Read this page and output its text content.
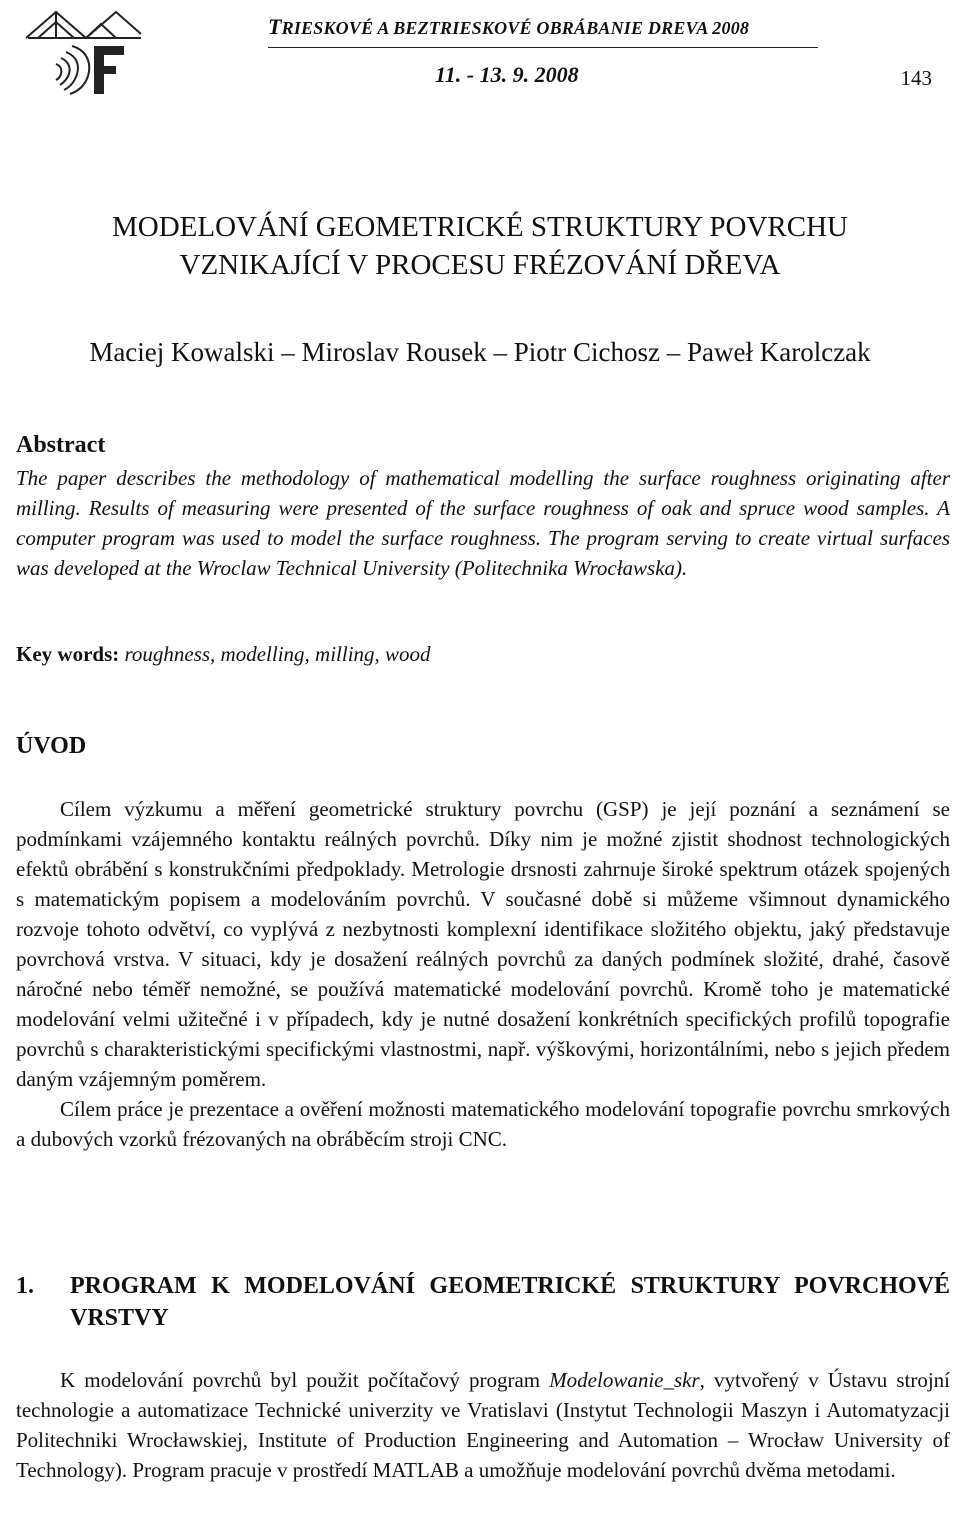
TRIESKOVÉ A BEZTRIESKOVÉ OBRÁBANIE DREVA 2008
11. - 13. 9. 2008	143
MODELOVÁNÍ GEOMETRICKÉ STRUKTURY POVRCHU
VZNIKAJÍCÍ V PROCESU FRÉZOVÁNÍ DŘEVA
Maciej Kowalski – Miroslav Rousek – Piotr Cichosz – Paweł Karolczak
Abstract
The paper describes the methodology of mathematical modelling the surface roughness originating after milling. Results of measuring were presented of the surface roughness of oak and spruce wood samples. A computer program was used to model the surface roughness. The program serving to create virtual surfaces was developed at the Wroclaw Technical University (Politechnika Wrocławska).
Key words: roughness, modelling, milling, wood
ÚVOD

Cílem výzkumu a měření geometrické struktury povrchu (GSP) je její poznání a seznámení se podmínkami vzájemného kontaktu reálných povrchů. Díky nim je možné zjistit shodnost technologických efektů obrábění s konstrukčními předpoklady. Metrologie drsnosti zahrnuje široké spektrum otázek spojených s matematickým popisem a modelováním povrchů. V současné době si můžeme všimnout dynamického rozvoje tohoto odvětví, co vyplývá z nezbytnosti komplexní identifikace složitého objektu, jaký představuje povrchová vrstva. V situaci, kdy je dosažení reálných povrchů za daných podmínek složité, drahé, časově náročné nebo téměř nemožné, se používá matematické modelování povrchů. Kromě toho je matematické modelování velmi užitečné i v případech, kdy je nutné dosažení konkrétních specifických profilů topografie povrchů s charakteristickými specifickými vlastnostmi, např. výškovými, horizontálními, nebo s jejich předem daným vzájemným poměrem.

Cílem práce je prezentace a ověření možnosti matematického modelování topografie povrchu smrkových a dubových vzorků frézovaných na obráběcím stroji CNC.

1. PROGRAM K MODELOVÁNÍ GEOMETRICKÉ STRUKTURY POVRCHOVÉ VRSTVY

K modelování povrchů byl použit počítačový program Modelowanie_skr, vytvořený v Ústavu strojní technologie a automatizace Technické univerzity ve Vratislavi (Instytut Technologii Maszyn i Automatyzacji Politechniki Wrocławskiej, Institute of Production Engineering and Automation – Wrocław University of Technology). Program pracuje v prostředí MATLAB a umožňuje modelování povrchů dvěma metodami.
